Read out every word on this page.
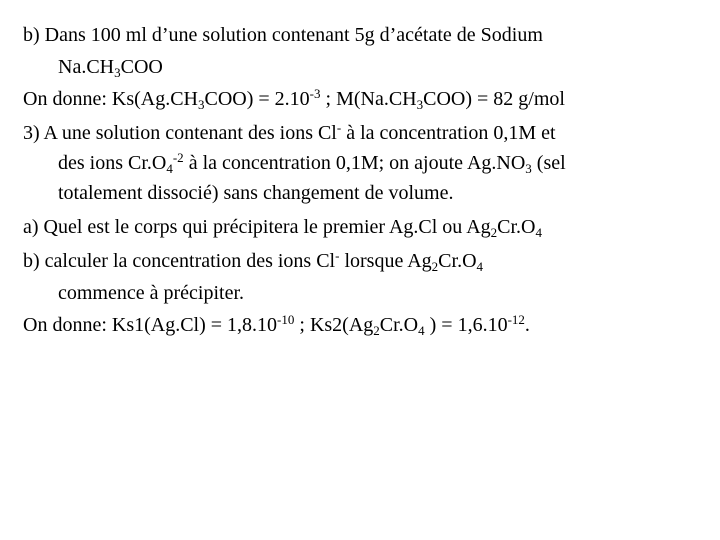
b) Dans 100 ml d’une solution contenant 5g d’acétate de Sodium
$Na.CH_3COO$
On donne: $Ks(Ag.CH_3COO) = 2.10^{-3}$ ; $M(Na.CH_3COO) = 82$ g/mol
3) A une solution contenant des ions Cl- à la concentration 0,1M et
des ions $Cr.O_4^{-2}$ à la concentration 0,1M; on ajoute $Ag.NO_3$ (sel
totalement dissocié) sans changement de volume.
a) Quel est le corps qui précipitera le premier Ag.Cl ou $Ag_2Cr.O_4$
b) calculer la concentration des ions Cl- lorsque $Ag_2Cr.O_4$
commence à précipiter.
On donne: $Ks1(Ag.Cl) = 1,8.10^{-10}$ ; $Ks2(Ag_2Cr.O_4$ ) = $1,6.10^{-12}$.
